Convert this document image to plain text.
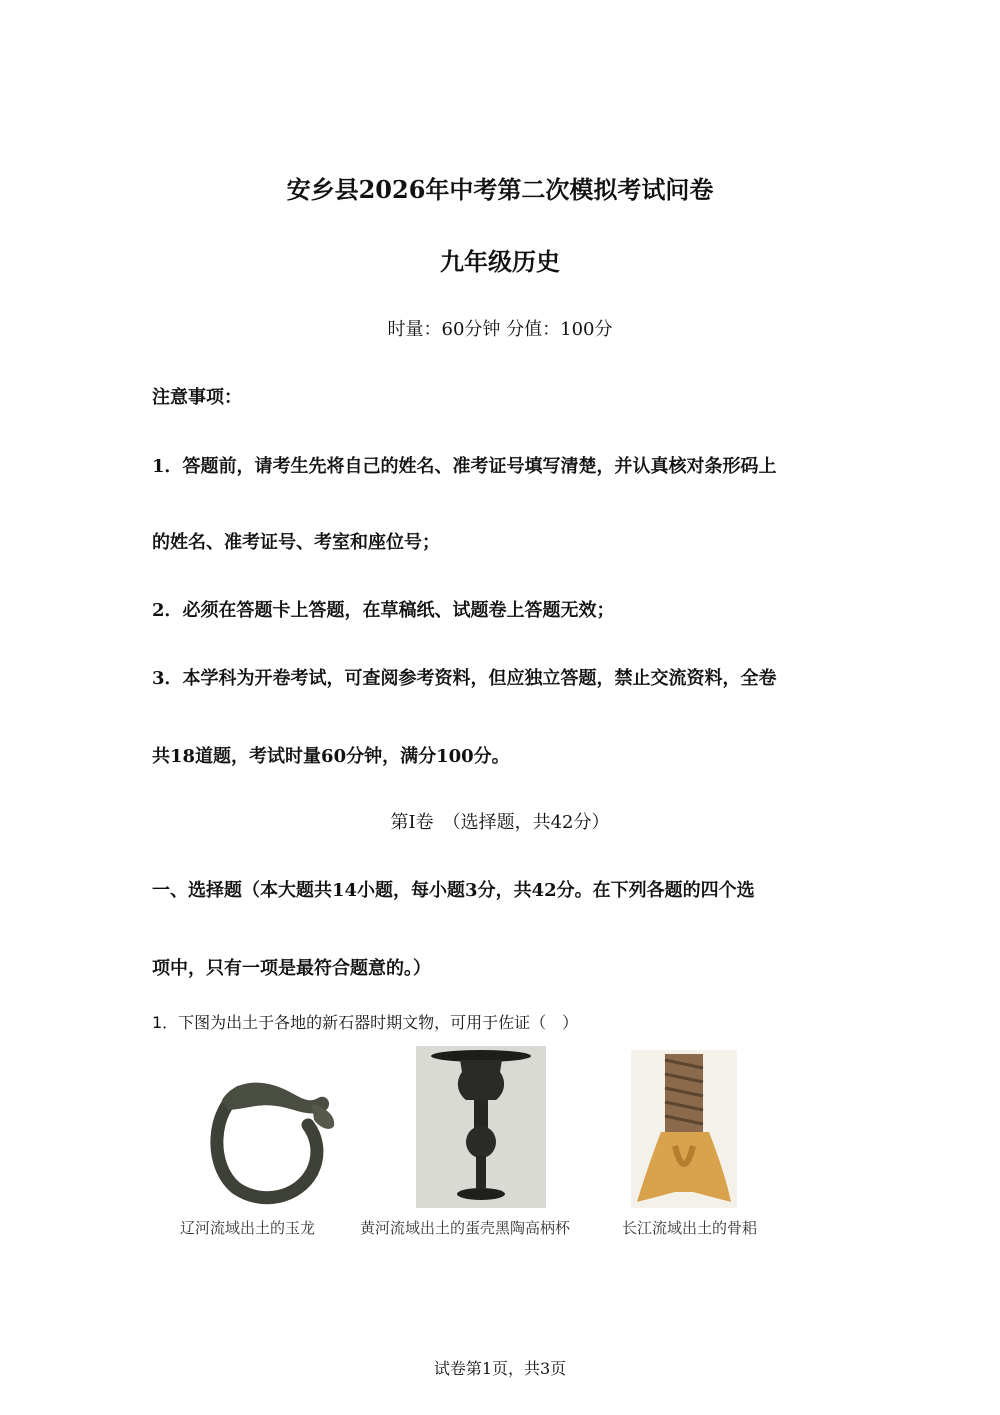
安乡县2026年中考第二次模拟考试问卷
九年级历史
时量：60分钟 分值：100分
注意事项：
1．答题前，请考生先将自己的姓名、准考证号填写清楚，并认真核对条形码上
的姓名、准考证号、考室和座位号；
2．必须在答题卡上答题，在草稿纸、试题卷上答题无效；
3．本学科为开卷考试，可查阅参考资料，但应独立答题，禁止交流资料，全卷
共18道题，考试时量60分钟，满分100分。
第Ⅰ卷　（选择题，共42分）
一、选择题（本大题共14小题，每小题3分，共42分。在下列各题的四个选
项中，只有一项是最符合题意的。）
1．下图为出土于各地的新石器时期文物，可用于佐证（　）
辽河流域出土的玉龙	黄河流域出土的蛋壳黑陶高柄杯	长江流域出土的骨耜
试卷第1页，共3页
